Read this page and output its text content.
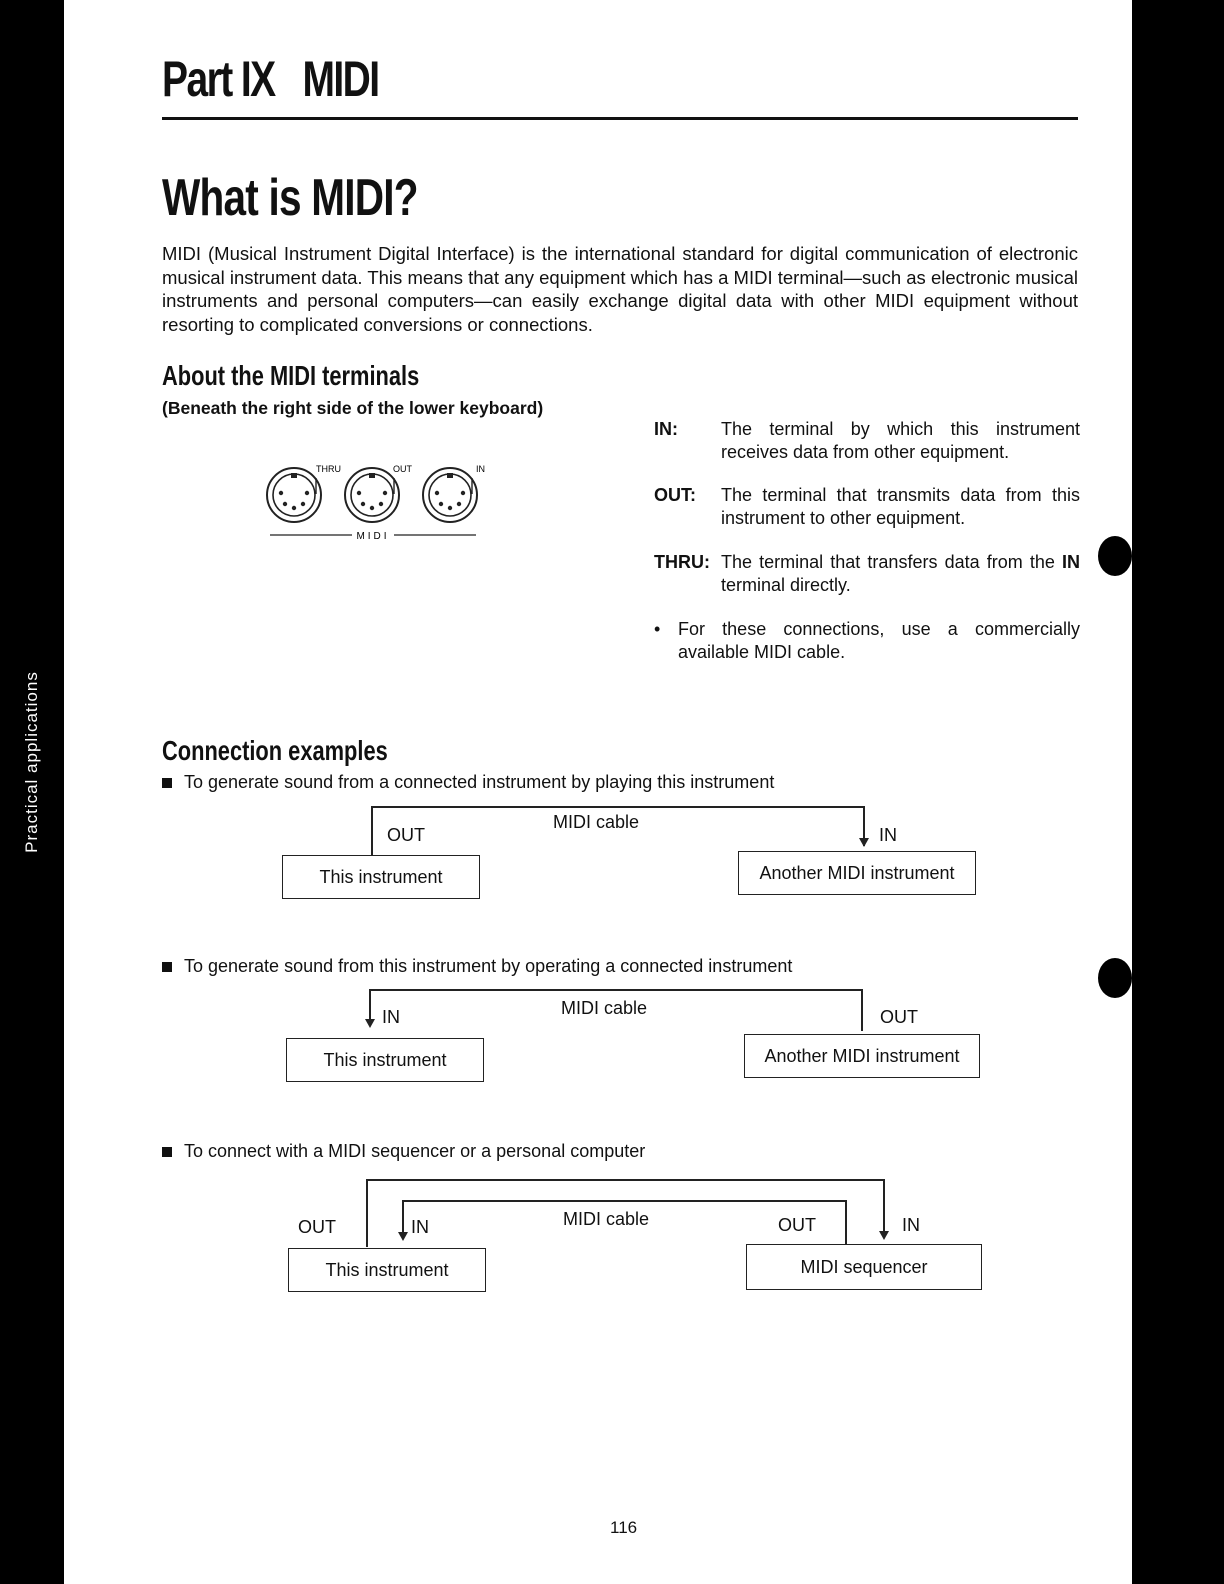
Part IX   MIDI
What is MIDI?
MIDI (Musical Instrument Digital Interface) is the international standard for digital communication of electronic musical instrument data. This means that any equipment which has a MIDI terminal—such as electronic musical instruments and personal computers—can easily exchange digital data with other MIDI equipment without resorting to complicated conversions or connections.
About the MIDI terminals
(Beneath the right side of the lower keyboard)
THRU	OUT	IN
MIDI
IN: The terminal by which this instrument receives data from other equipment.
OUT: The terminal that transmits data from this instrument to other equipment.
THRU: The terminal that transfers data from the IN terminal directly.
• For these connections, use a commercially available MIDI cable.
Connection examples
To generate sound from a connected instrument by playing this instrument
MIDI cable
OUT	IN
This instrument	Another MIDI instrument
To generate sound from this instrument by operating a connected instrument
MIDI cable
IN	OUT
This instrument	Another MIDI instrument
To connect with a MIDI sequencer or a personal computer
MIDI cable
OUT	IN	OUT	IN
This instrument	MIDI sequencer
116
Practical applications
